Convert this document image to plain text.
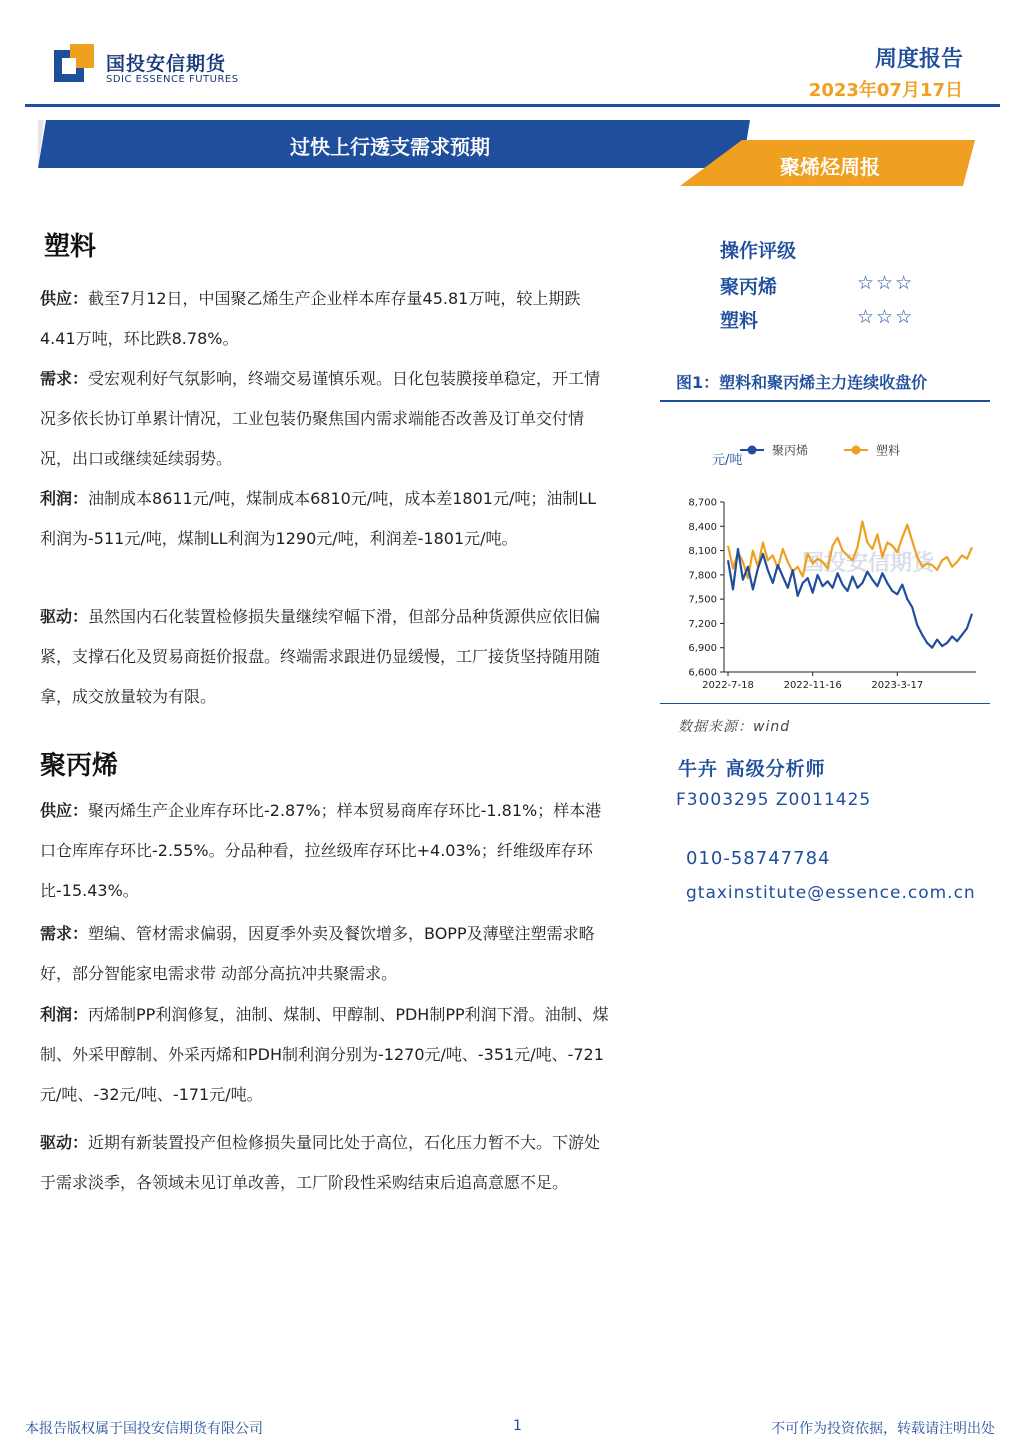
国投安信期货
SDIC ESSENCE FUTURES
周度报告
2023年07月17日
过快上行透支需求预期
聚烯烃周报
塑料

供应：截至7月12日，中国聚乙烯生产企业样本库存量45.81万吨，较上期跌4.41万吨，环比跌8.78%。

需求：受宏观利好气氛影响，终端交易谨慎乐观。日化包装膜接单稳定，开工情况多依长协订单累计情况，工业包装仍聚焦国内需求端能否改善及订单交付情况，出口或继续延续弱势。

利润：油制成本8611元/吨，煤制成本6810元/吨，成本差1801元/吨；油制LL利润为-511元/吨，煤制LL利润为1290元/吨，利润差-1801元/吨。

驱动：虽然国内石化装置检修损失量继续窄幅下滑，但部分品种货源供应依旧偏紧，支撑石化及贸易商挺价报盘。终端需求跟进仍显缓慢，工厂接货坚持随用随拿，成交放量较为有限。

聚丙烯

供应：聚丙烯生产企业库存环比-2.87%；样本贸易商库存环比-1.81%；样本港口仓库库存环比-2.55%。分品种看，拉丝级库存环比+4.03%；纤维级库存环比-15.43%。

需求：塑编、管材需求偏弱，因夏季外卖及餐饮增多，BOPP及薄壁注塑需求略好，部分智能家电需求带 动部分高抗冲共聚需求。

利润：丙烯制PP利润修复，油制、煤制、甲醇制、PDH制PP利润下滑。油制、煤制、外采甲醇制、外采丙烯和PDH制利润分别为-1270元/吨、-351元/吨、-721元/吨、-32元/吨、-171元/吨。

驱动：近期有新装置投产但检修损失量同比处于高位，石化压力暂不大。下游处于需求淡季，各领域未见订单改善，工厂阶段性采购结束后追高意愿不足。

操作评级
聚丙烯	☆☆☆
塑料	☆☆☆
图1：塑料和聚丙烯主力连续收盘价
国投安信期货
元/吨
6,600
6,900
7,200
7,500
7,800
8,100
8,400
8,700
2022-7-18	2022-11-16	2023-3-17
聚丙烯	塑料
数据来源：wind
牛卉 高级分析师
F3003295 Z0011425
010-58747784
gtaxinstitute@essence.com.cn
本报告版权属于国投安信期货有限公司	1	不可作为投资依据，转载请注明出处
